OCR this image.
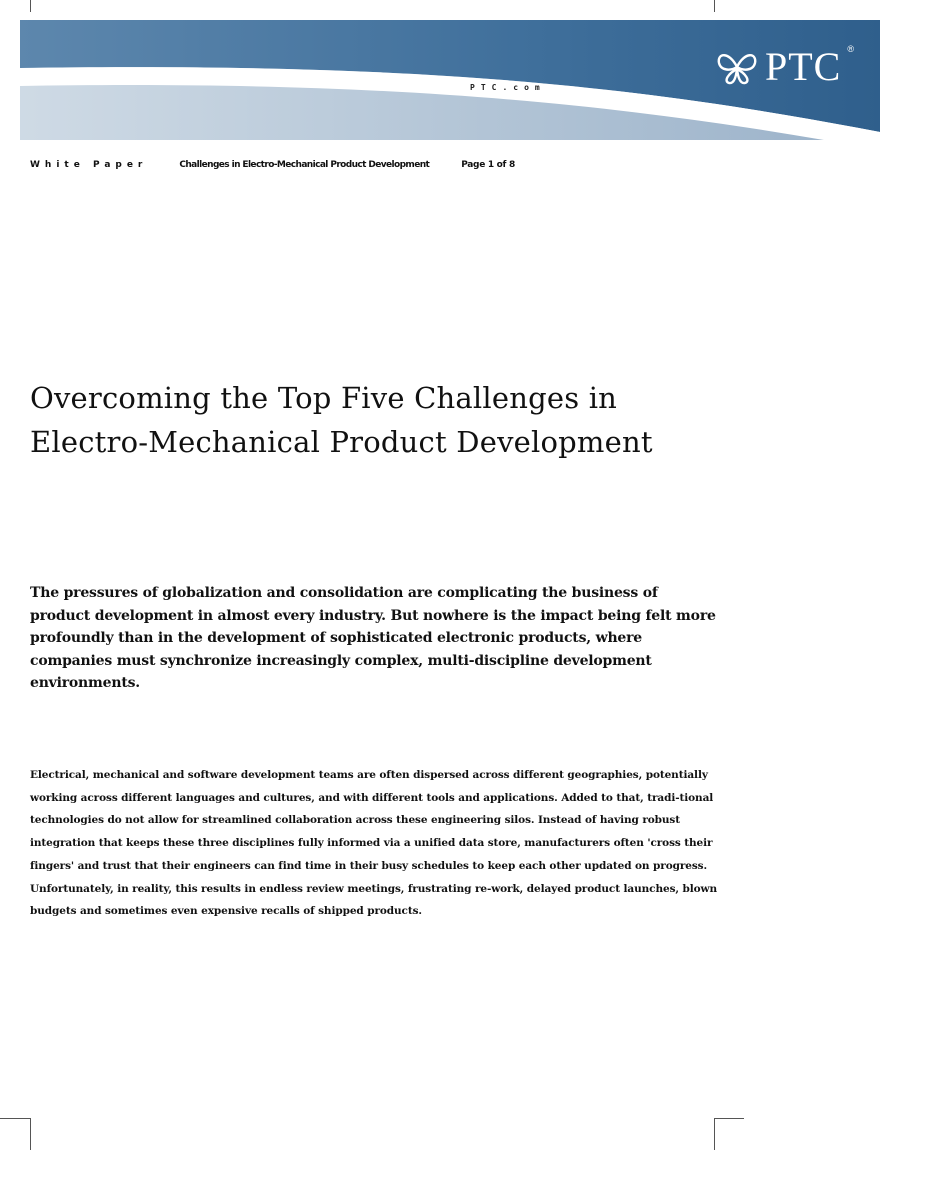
PTC ®
PTC.com
White Paper	Challenges in Electro-Mechanical Product Development	Page 1 of 8
Overcoming the Top Five Challenges in
Electro-Mechanical Product Development

The pressures of globalization and consolidation are complicating the business of product development in almost every industry. But nowhere is the impact being felt more profoundly than in the development of sophisticated electronic products, where companies must synchronize increasingly complex, multi-discipline development environments.

Electrical, mechanical and software development teams are often dispersed across different geographies, potentially working across different languages and cultures, and with different tools and applications. Added to that, tradi-tional technologies do not allow for streamlined collaboration across these engineering silos. Instead of having robust integration that keeps these three disciplines fully informed via a unified data store, manufacturers often 'cross their fingers' and trust that their engineers can find time in their busy schedules to keep each other updated on progress. Unfortunately, in reality, this results in endless review meetings, frustrating re-work, delayed product launches, blown budgets and sometimes even expensive recalls of shipped products.
